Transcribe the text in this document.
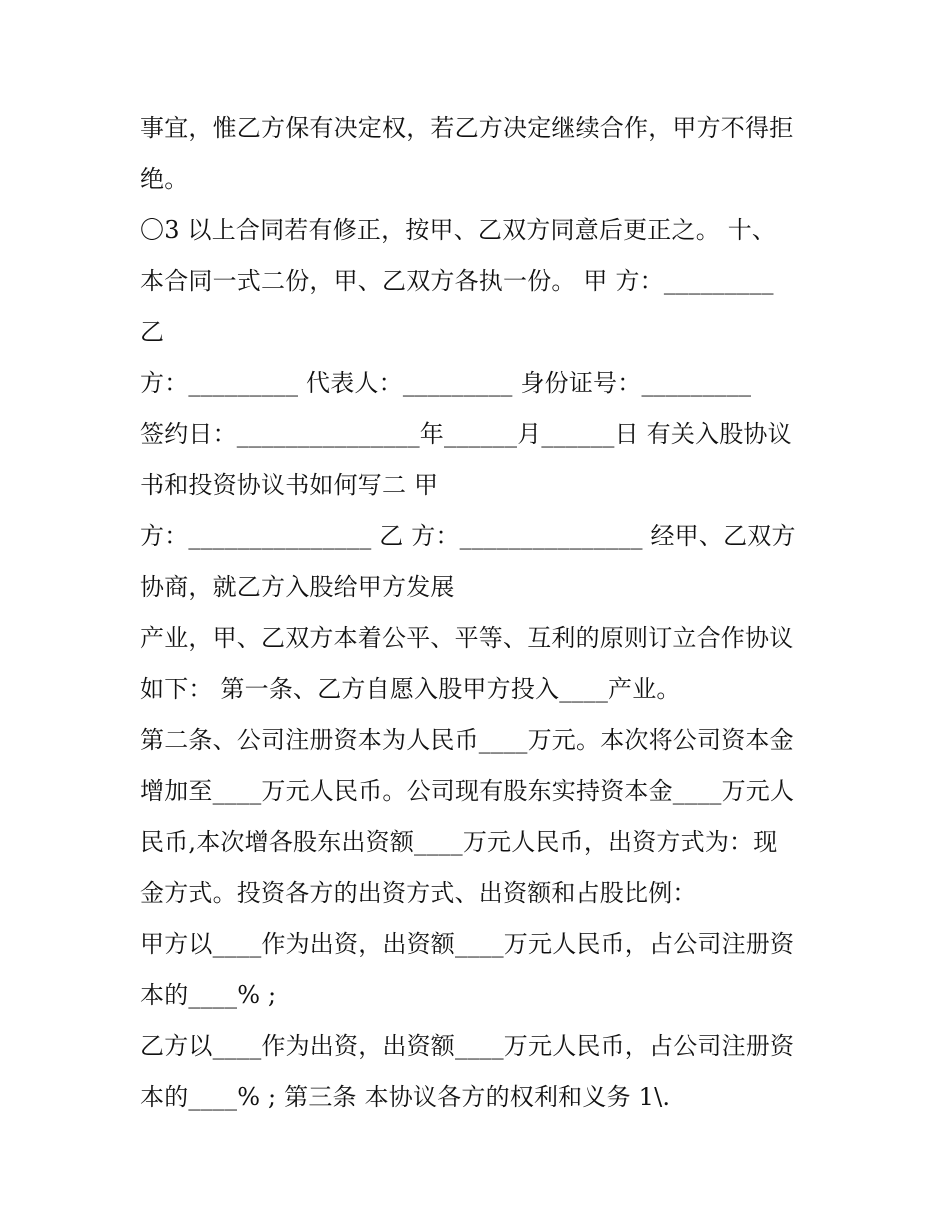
事宜，惟乙方保有决定权，若乙方决定继续合作，甲方不得拒
绝。
〇3 以上合同若有修正，按甲、乙双方同意后更正之。 十、
本合同一式二份，甲、乙双方各执一份。 甲 方：_________
乙
方：_________ 代表人：_________ 身份证号：_________
签约日：_______________年______月______日 有关入股协议
书和投资协议书如何写二 甲
方：_______________ 乙 方：_______________ 经甲、乙双方
协商，就乙方入股给甲方发展
产业，甲、乙双方本着公平、平等、互利的原则订立合作协议
如下： 第一条、乙方自愿入股甲方投入____产业。
第二条、公司注册资本为人民币____万元。本次将公司资本金
增加至____万元人民币。公司现有股东实持资本金____万元人
民币,本次增各股东出资额____万元人民币，出资方式为：现
金方式。投资各方的出资方式、出资额和占股比例：
甲方以____作为出资，出资额____万元人民币，占公司注册资
本的____% ;
乙方以____作为出资，出资额____万元人民币，占公司注册资
本的____% ; 第三条 本协议各方的权利和义务 1\.
